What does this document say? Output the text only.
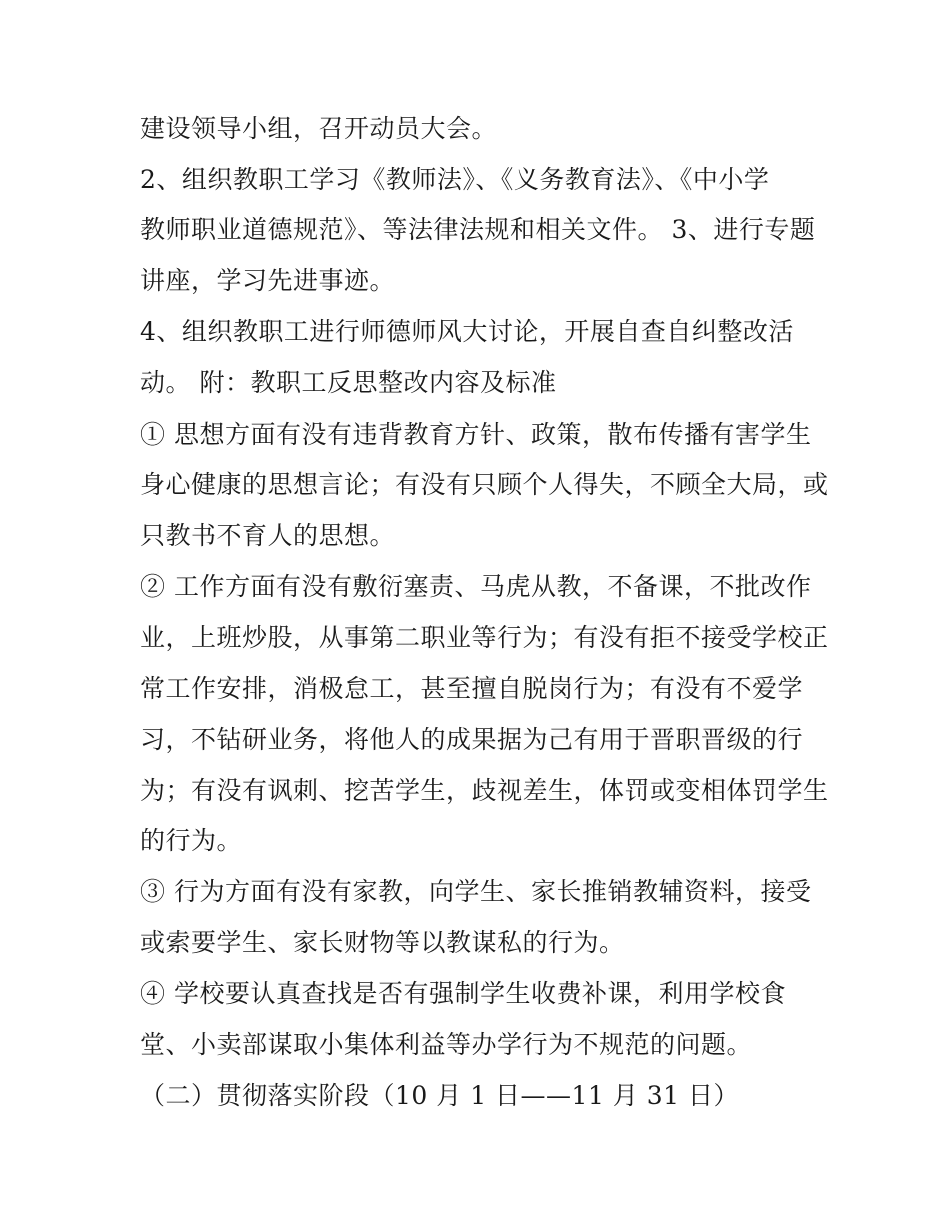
建设领导小组，召开动员大会。
2、组织教职工学习《教师法》、《义务教育法》、《中小学
教师职业道德规范》、等法律法规和相关文件。 3、进行专题
讲座，学习先进事迹。
4、组织教职工进行师德师风大讨论，开展自查自纠整改活
动。 附：教职工反思整改内容及标准
① 思想方面有没有违背教育方针、政策，散布传播有害学生
身心健康的思想言论；有没有只顾个人得失，不顾全大局，或
只教书不育人的思想。
② 工作方面有没有敷衍塞责、马虎从教，不备课，不批改作
业，上班炒股，从事第二职业等行为；有没有拒不接受学校正
常工作安排，消极怠工，甚至擅自脱岗行为；有没有不爱学
习，不钻研业务，将他人的成果据为己有用于晋职晋级的行
为；有没有讽刺、挖苦学生，歧视差生，体罚或变相体罚学生
的行为。
③ 行为方面有没有家教，向学生、家长推销教辅资料，接受
或索要学生、家长财物等以教谋私的行为。
④ 学校要认真查找是否有强制学生收费补课，利用学校食
堂、小卖部谋取小集体利益等办学行为不规范的问题。
（二）贯彻落实阶段（10 月 1 日——11 月 31 日）
